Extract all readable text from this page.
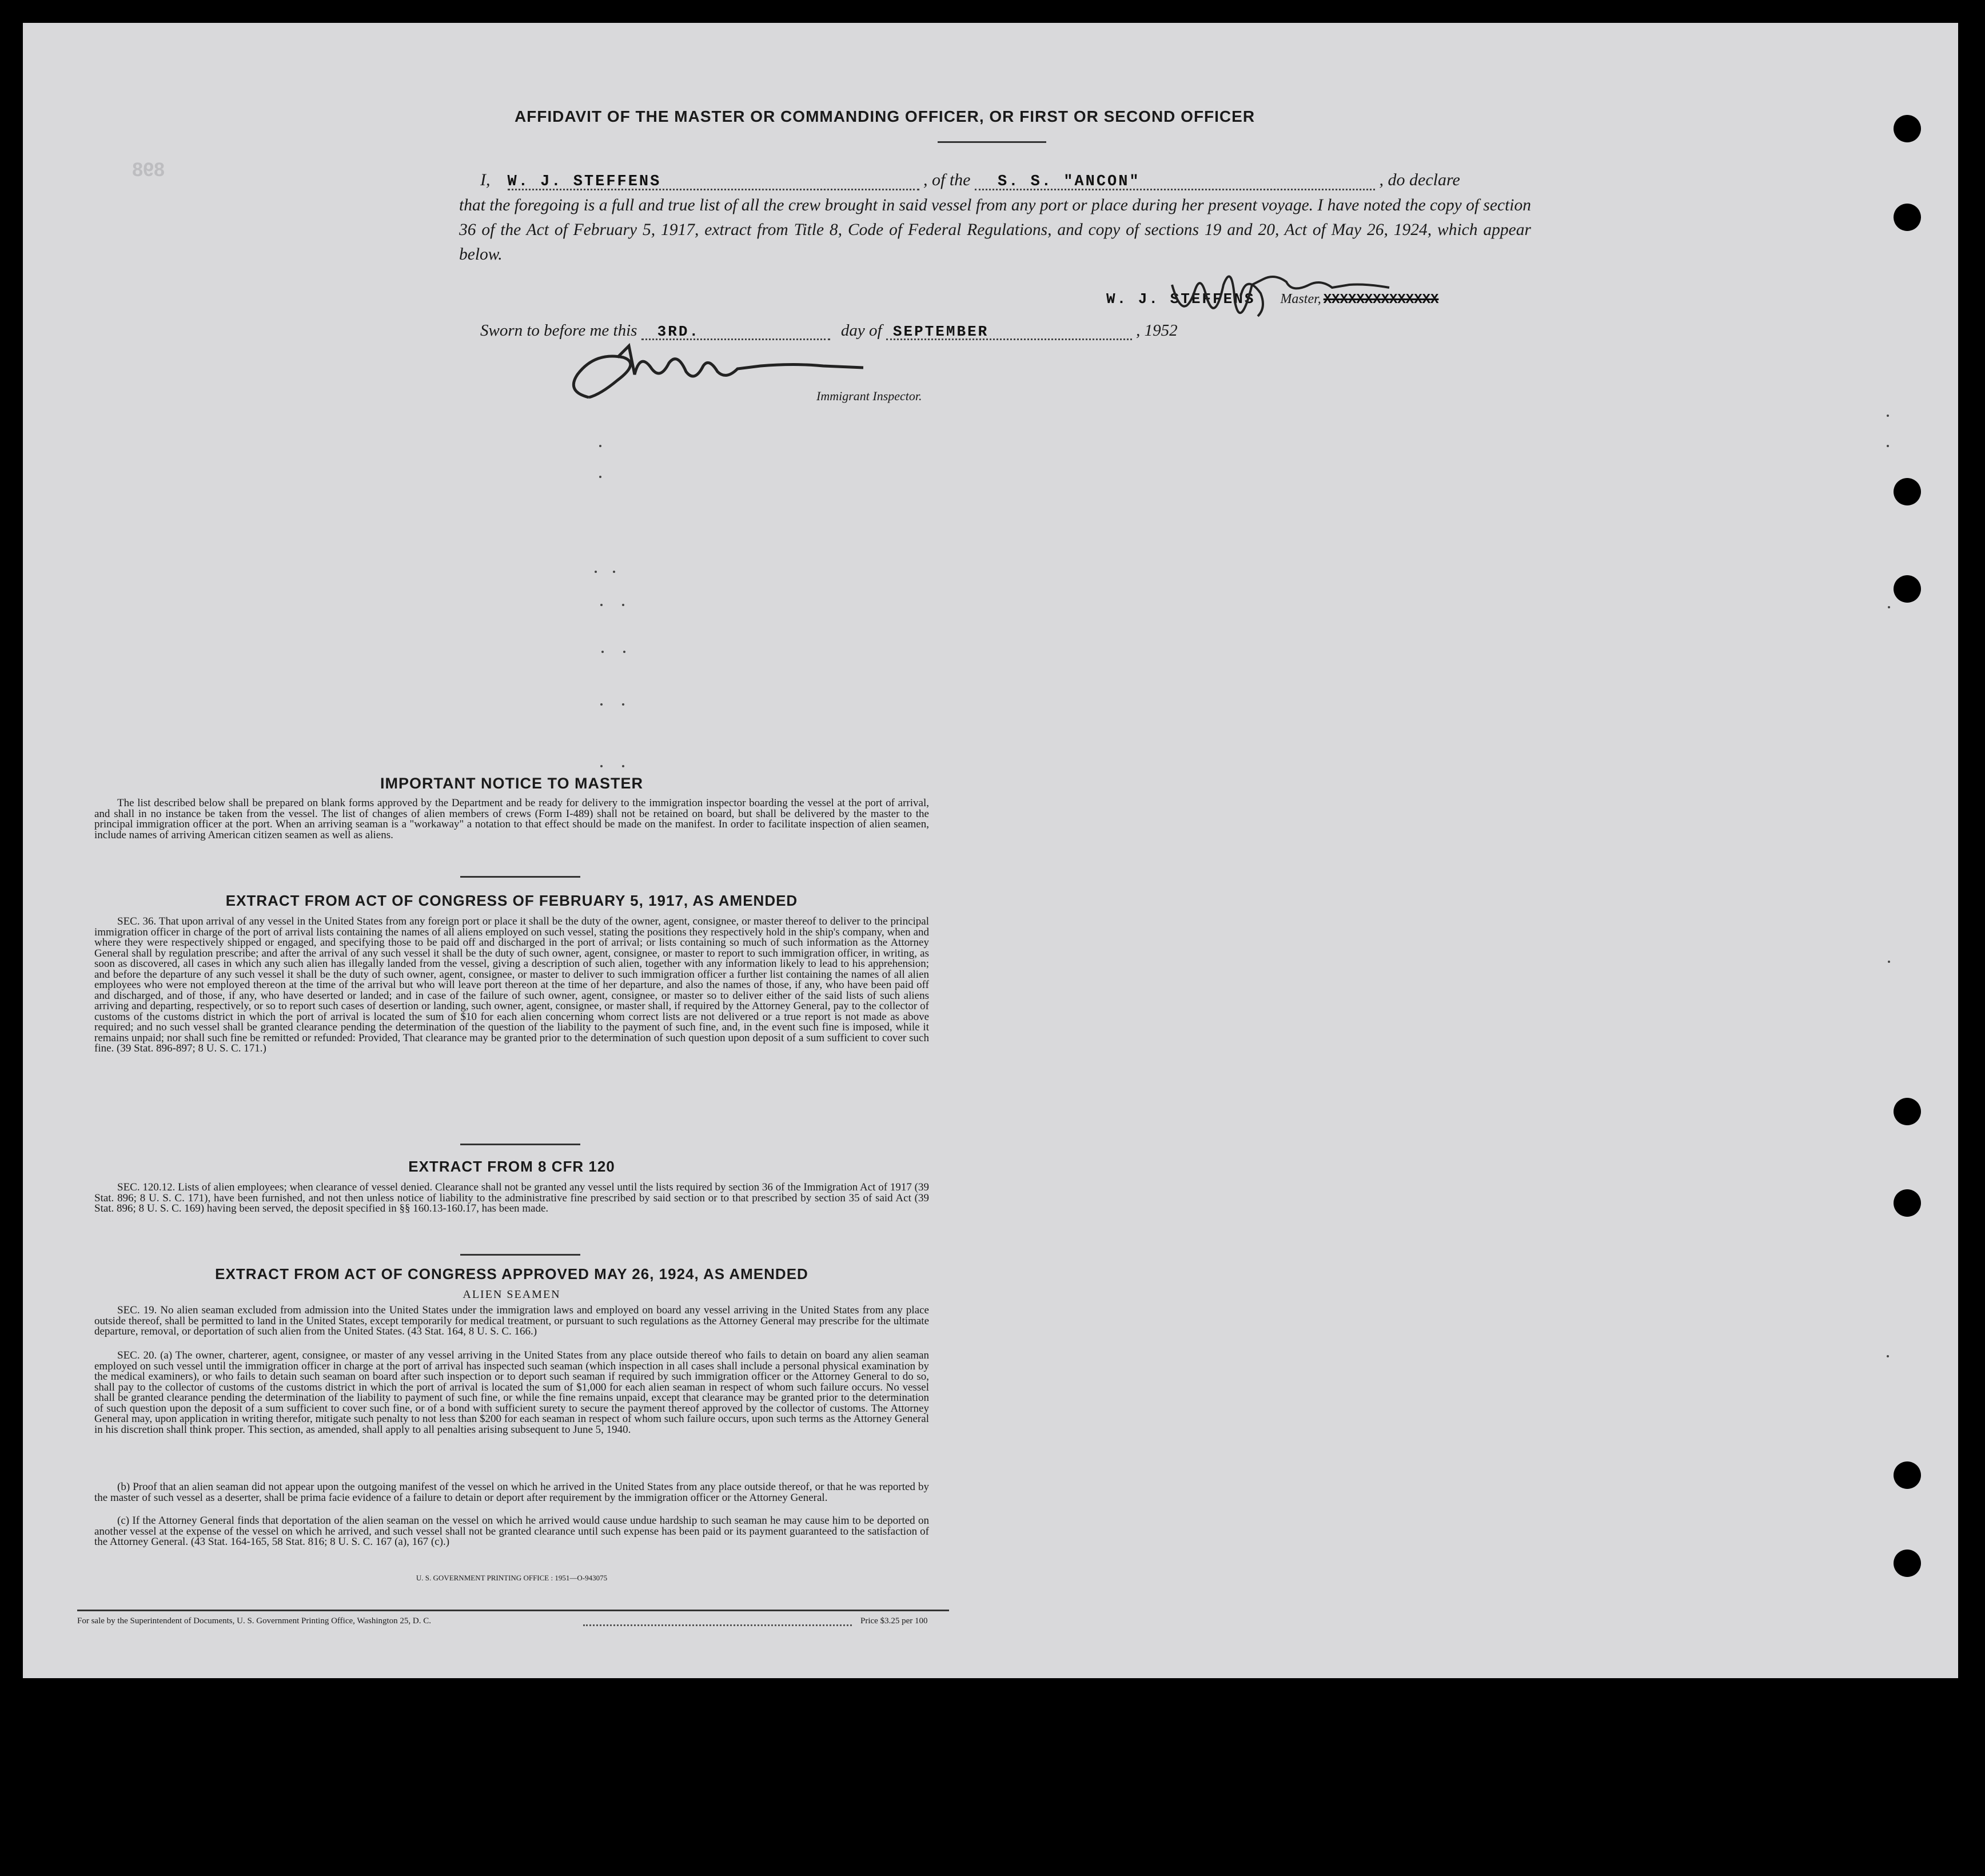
898
AFFIDAVIT OF THE MASTER OR COMMANDING OFFICER, OR FIRST OR SECOND OFFICER
I, W. J. STEFFENS	, of the S. S. "ANCON"	, do declare
that the foregoing is a full and true list of all the crew brought in said vessel from any port or place during her present voyage. I have noted the copy of section 36 of the Act of February 5, 1917, extract from Title 8, Code of Federal Regulations, and copy of sections 19 and 20, Act of May 26, 1924, which appear below.
W. J. STEFFENS Master, XXXXXXXXXXXXXX
Sworn to before me this 3RD.	day of SEPTEMBER	, 1952
Immigrant Inspector.
IMPORTANT NOTICE TO MASTER
The list described below shall be prepared on blank forms approved by the Department and be ready for delivery to the immigration inspector boarding the vessel at the port of arrival, and shall in no instance be taken from the vessel. The list of changes of alien members of crews (Form I-489) shall not be retained on board, but shall be delivered by the master to the principal immigration officer at the port. When an arriving seaman is a "workaway" a notation to that effect should be made on the manifest. In order to facilitate inspection of alien seamen, include names of arriving American citizen seamen as well as aliens.
EXTRACT FROM ACT OF CONGRESS OF FEBRUARY 5, 1917, AS AMENDED
SEC. 36. That upon arrival of any vessel in the United States from any foreign port or place it shall be the duty of the owner, agent, consignee, or master thereof to deliver to the principal immigration officer in charge of the port of arrival lists containing the names of all aliens employed on such vessel, stating the positions they respectively hold in the ship's company, when and where they were respectively shipped or engaged, and specifying those to be paid off and discharged in the port of arrival; or lists containing so much of such information as the Attorney General shall by regulation prescribe; and after the arrival of any such vessel it shall be the duty of such owner, agent, consignee, or master to report to such immigration officer, in writing, as soon as discovered, all cases in which any such alien has illegally landed from the vessel, giving a description of such alien, together with any information likely to lead to his apprehension; and before the departure of any such vessel it shall be the duty of such owner, agent, consignee, or master to deliver to such immigration officer a further list containing the names of all alien employees who were not employed thereon at the time of the arrival but who will leave port thereon at the time of her departure, and also the names of those, if any, who have been paid off and discharged, and of those, if any, who have deserted or landed; and in case of the failure of such owner, agent, consignee, or master so to deliver either of the said lists of such aliens arriving and departing, respectively, or so to report such cases of desertion or landing, such owner, agent, consignee, or master shall, if required by the Attorney General, pay to the collector of customs of the customs district in which the port of arrival is located the sum of $10 for each alien concerning whom correct lists are not delivered or a true report is not made as above required; and no such vessel shall be granted clearance pending the determination of the question of the liability to the payment of such fine, and, in the event such fine is imposed, while it remains unpaid; nor shall such fine be remitted or refunded: Provided, That clearance may be granted prior to the determination of such question upon deposit of a sum sufficient to cover such fine. (39 Stat. 896-897; 8 U. S. C. 171.)
EXTRACT FROM 8 CFR 120
SEC. 120.12. Lists of alien employees; when clearance of vessel denied. Clearance shall not be granted any vessel until the lists required by section 36 of the Immigration Act of 1917 (39 Stat. 896; 8 U. S. C. 171), have been furnished, and not then unless notice of liability to the administrative fine prescribed by said section or to that prescribed by section 35 of said Act (39 Stat. 896; 8 U. S. C. 169) having been served, the deposit specified in §§ 160.13-160.17, has been made.
EXTRACT FROM ACT OF CONGRESS APPROVED MAY 26, 1924, AS AMENDED
ALIEN SEAMEN
SEC. 19. No alien seaman excluded from admission into the United States under the immigration laws and employed on board any vessel arriving in the United States from any place outside thereof, shall be permitted to land in the United States, except temporarily for medical treatment, or pursuant to such regulations as the Attorney General may prescribe for the ultimate departure, removal, or deportation of such alien from the United States. (43 Stat. 164, 8 U. S. C. 166.)
SEC. 20. (a) The owner, charterer, agent, consignee, or master of any vessel arriving in the United States from any place outside thereof who fails to detain on board any alien seaman employed on such vessel until the immigration officer in charge at the port of arrival has inspected such seaman (which inspection in all cases shall include a personal physical examination by the medical examiners), or who fails to detain such seaman on board after such inspection or to deport such seaman if required by such immigration officer or the Attorney General to do so, shall pay to the collector of customs of the customs district in which the port of arrival is located the sum of $1,000 for each alien seaman in respect of whom such failure occurs. No vessel shall be granted clearance pending the determination of the liability to payment of such fine, or while the fine remains unpaid, except that clearance may be granted prior to the determination of such question upon the deposit of a sum sufficient to cover such fine, or of a bond with sufficient surety to secure the payment thereof approved by the collector of customs. The Attorney General may, upon application in writing therefor, mitigate such penalty to not less than $200 for each seaman in respect of whom such failure occurs, upon such terms as the Attorney General in his discretion shall think proper. This section, as amended, shall apply to all penalties arising subsequent to June 5, 1940.
(b) Proof that an alien seaman did not appear upon the outgoing manifest of the vessel on which he arrived in the United States from any place outside thereof, or that he was reported by the master of such vessel as a deserter, shall be prima facie evidence of a failure to detain or deport after requirement by the immigration officer or the Attorney General.
(c) If the Attorney General finds that deportation of the alien seaman on the vessel on which he arrived would cause undue hardship to such seaman he may cause him to be deported on another vessel at the expense of the vessel on which he arrived, and such vessel shall not be granted clearance until such expense has been paid or its payment guaranteed to the satisfaction of the Attorney General. (43 Stat. 164-165, 58 Stat. 816; 8 U. S. C. 167 (a), 167 (c).)
U. S. GOVERNMENT PRINTING OFFICE : 1951—O-943075
For sale by the Superintendent of Documents, U. S. Government Printing Office, Washington 25, D. C.	Price $3.25 per 100
